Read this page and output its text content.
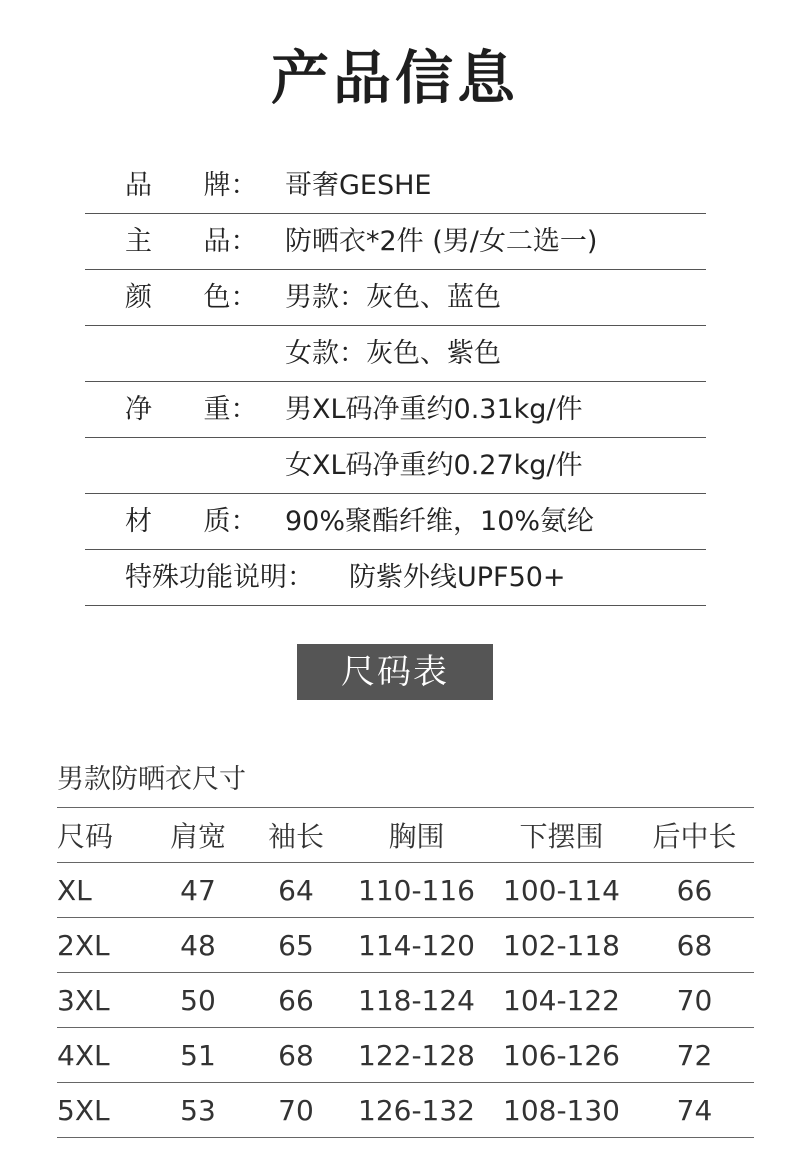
产品信息
品      牌： 哥奢GESHE
主      品： 防晒衣*2件 (男/女二选一)
颜      色： 男款：灰色、蓝色
女款：灰色、紫色
净      重： 男XL码净重约0.31kg/件
女XL码净重约0.27kg/件
材      质： 90%聚酯纤维，10%氨纶
特殊功能说明： 防紫外线UPF50+
尺码表
男款防晒衣尺寸
尺码	肩宽	袖长	胸围	下摆围	后中长
XL	47	64	110-116	100-114	66
2XL	48	65	114-120	102-118	68
3XL	50	66	118-124	104-122	70
4XL	51	68	122-128	106-126	72
5XL	53	70	126-132	108-130	74
